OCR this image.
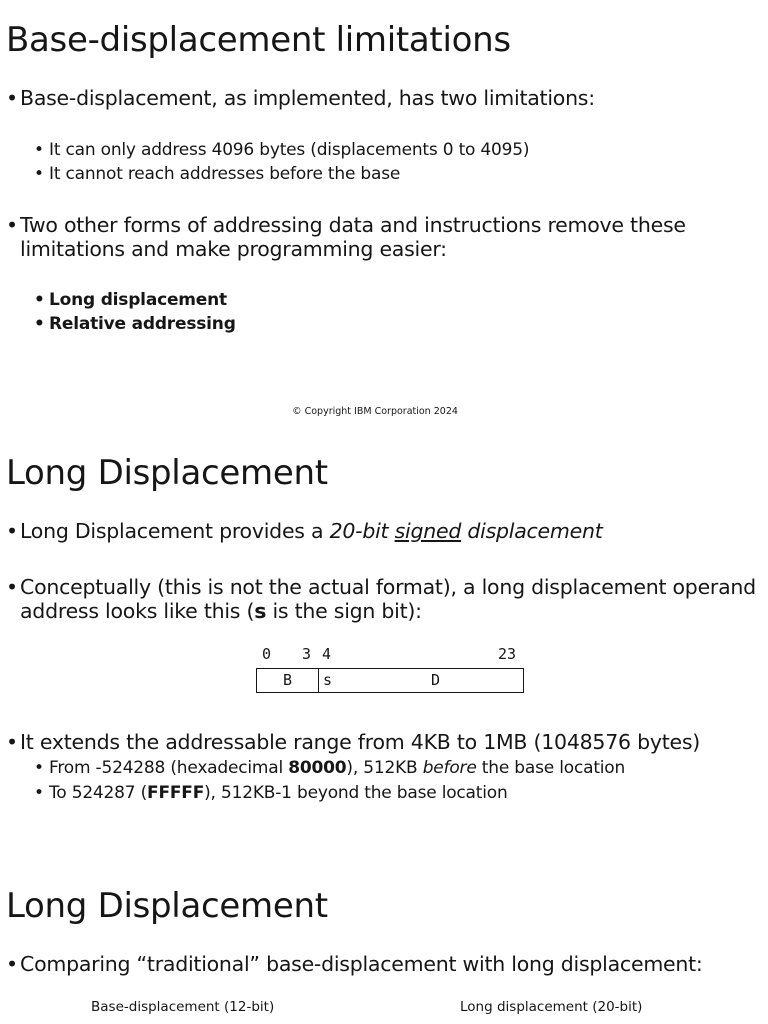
Base-displacement limitations
• Base-displacement, as implemented, has two limitations:
• It can only address 4096 bytes (displacements 0 to 4095)
• It cannot reach addresses before the base
• Two other forms of addressing data and instructions remove these
limitations and make programming easier:
• Long displacement
• Relative addressing
© Copyright IBM Corporation 2024
Long Displacement
• Long Displacement provides a 20-bit signed displacement
• Conceptually (this is not the actual format), a long displacement operand
address looks like this (s is the sign bit):
0 3 4	23
B s	D
• It extends the addressable range from 4KB to 1MB (1048576 bytes)
• From -524288 (hexadecimal 80000), 512KB before the base location
• To 524287 (FFFFF), 512KB-1 beyond the base location
Long Displacement
• Comparing “traditional” base-displacement with long displacement:
Base-displacement (12-bit)	Long displacement (20-bit)
